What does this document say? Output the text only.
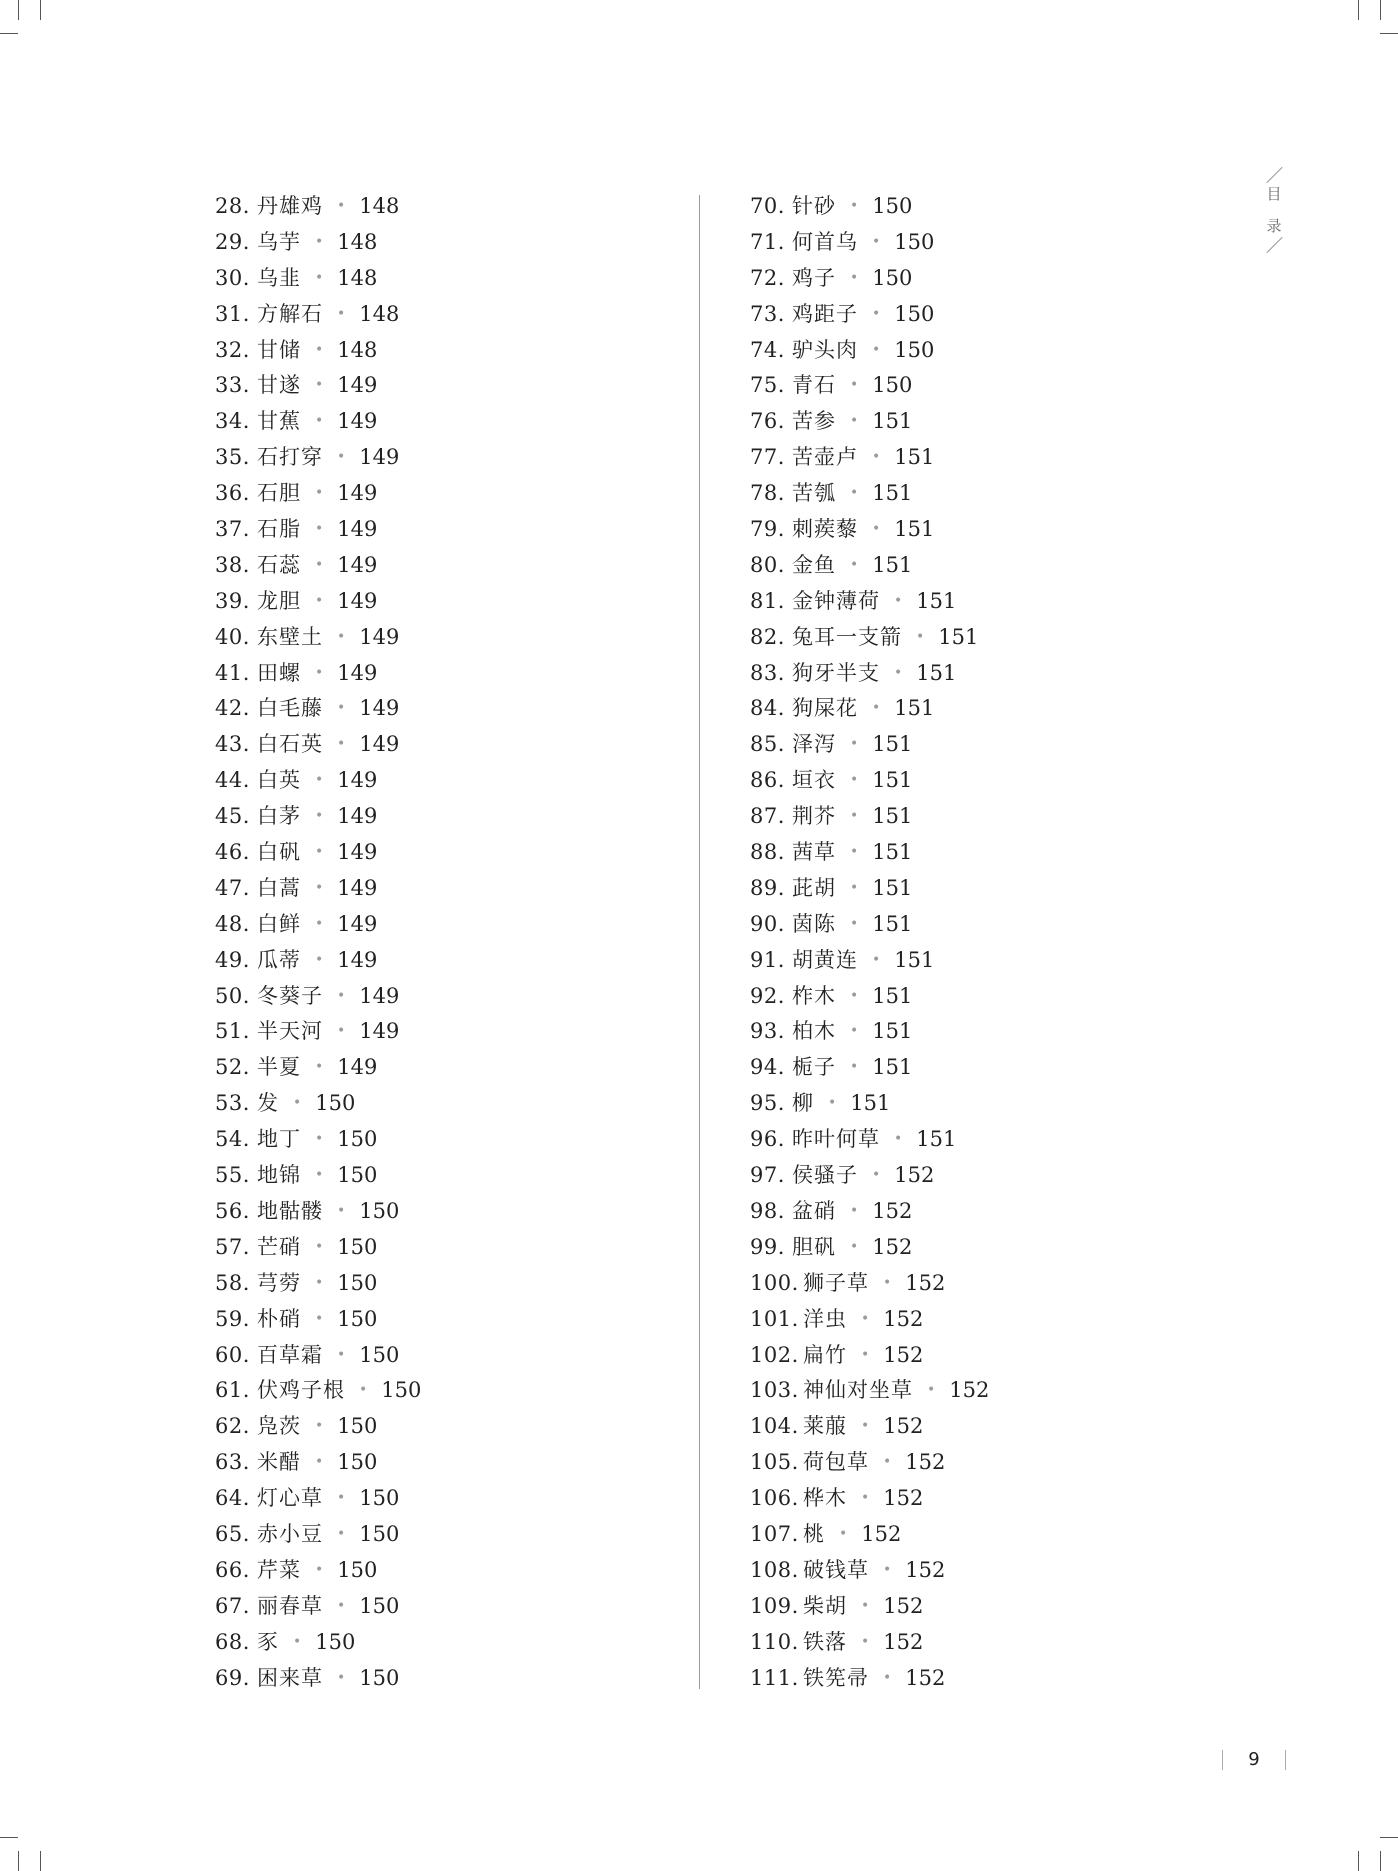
目
录
28. 丹雄鸡 • 148
29. 乌芋 • 148
30. 乌韭 • 148
31. 方解石 • 148
32. 甘储 • 148
33. 甘遂 • 149
34. 甘蕉 • 149
35. 石打穿 • 149
36. 石胆 • 149
37. 石脂 • 149
38. 石蕊 • 149
39. 龙胆 • 149
40. 东壁土 • 149
41. 田螺 • 149
42. 白毛藤 • 149
43. 白石英 • 149
44. 白英 • 149
45. 白茅 • 149
46. 白矾 • 149
47. 白蒿 • 149
48. 白鲜 • 149
49. 瓜蒂 • 149
50. 冬葵子 • 149
51. 半天河 • 149
52. 半夏 • 149
53. 发 • 150
54. 地丁 • 150
55. 地锦 • 150
56. 地骷髅 • 150
57. 芒硝 • 150
58. 芎䓖 • 150
59. 朴硝 • 150
60. 百草霜 • 150
61. 伏鸡子根 • 150
62. 凫茨 • 150
63. 米醋 • 150
64. 灯心草 • 150
65. 赤小豆 • 150
66. 芹菜 • 150
67. 丽春草 • 150
68. 豕 • 150
69. 困来草 • 150
70. 针砂 • 150
71. 何首乌 • 150
72. 鸡子 • 150
73. 鸡距子 • 150
74. 驴头肉 • 150
75. 青石 • 150
76. 苦参 • 151
77. 苦壶卢 • 151
78. 苦瓠 • 151
79. 刺蒺藜 • 151
80. 金鱼 • 151
81. 金钟薄荷 • 151
82. 兔耳一支箭 • 151
83. 狗牙半支 • 151
84. 狗屎花 • 151
85. 泽泻 • 151
86. 垣衣 • 151
87. 荆芥 • 151
88. 茜草 • 151
89. 茈胡 • 151
90. 茵陈 • 151
91. 胡黄连 • 151
92. 柞木 • 151
93. 柏木 • 151
94. 栀子 • 151
95. 柳 • 151
96. 昨叶何草 • 151
97. 侯骚子 • 152
98. 盆硝 • 152
99. 胆矾 • 152
100. 狮子草 • 152
101. 洋虫 • 152
102. 扁竹 • 152
103. 神仙对坐草 • 152
104. 莱菔 • 152
105. 荷包草 • 152
106. 桦木 • 152
107. 桃 • 152
108. 破钱草 • 152
109. 柴胡 • 152
110. 铁落 • 152
111. 铁筅帚 • 152
9
